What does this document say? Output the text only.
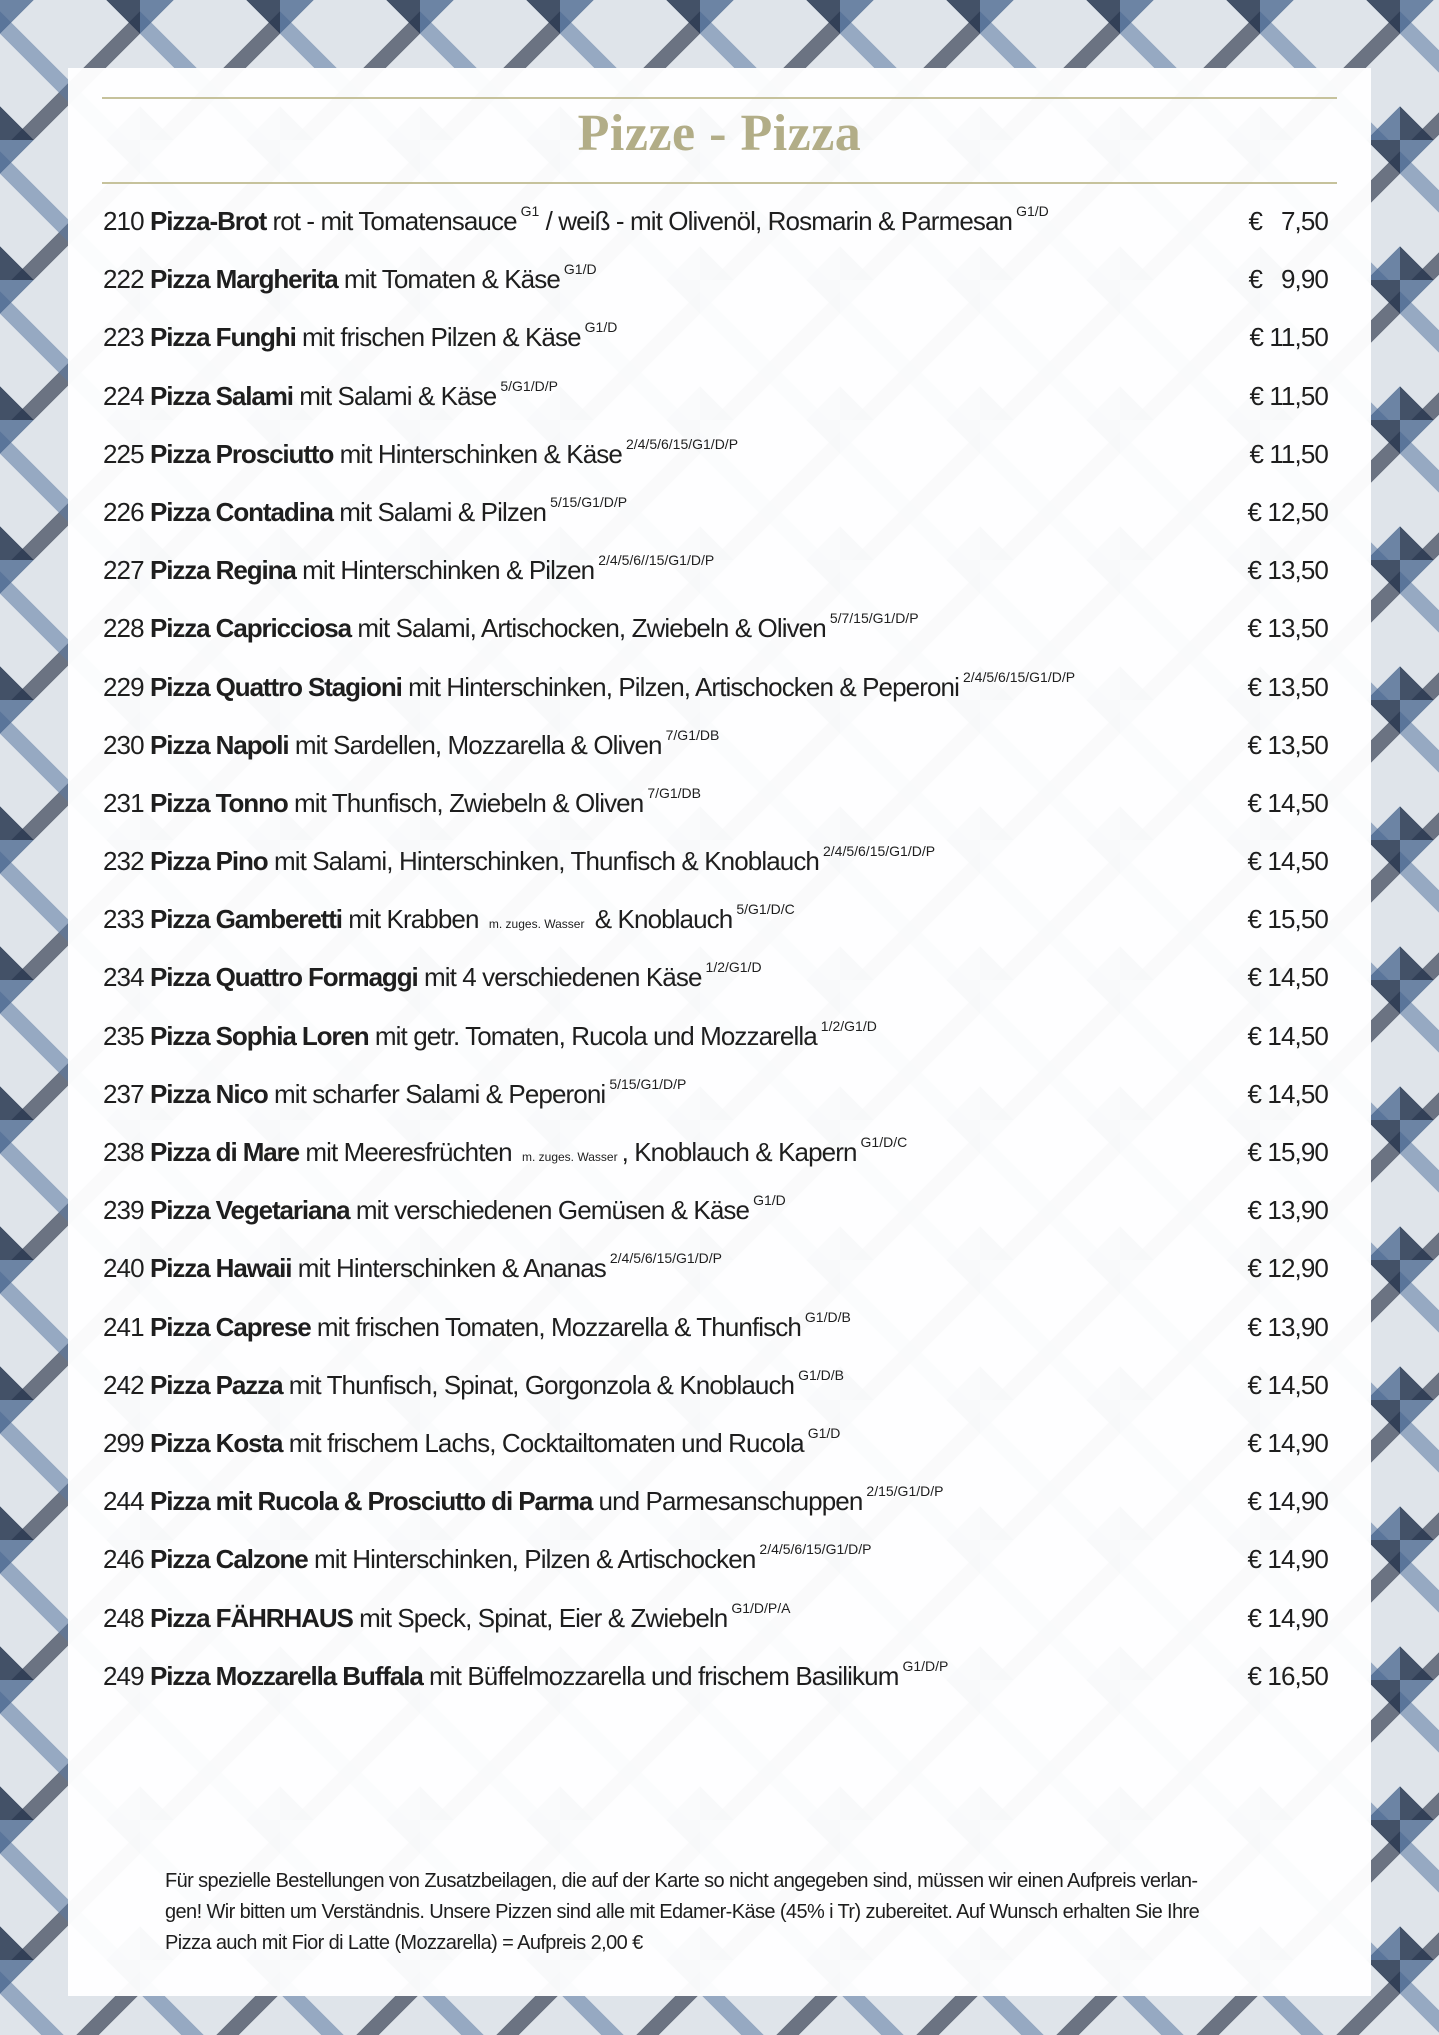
Pizze - Pizza
210 Pizza-Brot rot - mit Tomatensauce $^{G1}$ / weiß - mit Olivenöl, Rosmarin & Parmesan $^{G1/D}$	€   7,50
222 Pizza Margherita mit Tomaten & Käse $^{G1/D}$	€   9,90
223 Pizza Funghi mit frischen Pilzen & Käse $^{G1/D}$	€ 11,50
224 Pizza Salami mit Salami & Käse $^{5/G1/D/P}$	€ 11,50
225 Pizza Prosciutto mit Hinterschinken & Käse $^{2/4/5/6/15/G1/D/P}$	€ 11,50
226 Pizza Contadina mit Salami & Pilzen $^{5/15/G1/D/P}$	€ 12,50
227 Pizza Regina mit Hinterschinken & Pilzen $^{2/4/5/6//15/G1/D/P}$	€ 13,50
228 Pizza Capricciosa mit Salami, Artischocken, Zwiebeln & Oliven $^{5/7/15/G1/D/P}$	€ 13,50
229 Pizza Quattro Stagioni mit Hinterschinken, Pilzen, Artischocken & Peperoni $^{2/4/5/6/15/G1/D/P}$	€ 13,50
230 Pizza Napoli mit Sardellen, Mozzarella & Oliven $^{7/G1/DB}$	€ 13,50
231 Pizza Tonno mit Thunfisch, Zwiebeln & Oliven $^{7/G1/DB}$	€ 14,50
232 Pizza Pino mit Salami, Hinterschinken, Thunfisch & Knoblauch $^{2/4/5/6/15/G1/D/P}$	€ 14,50
233 Pizza Gamberetti mit Krabben m. zuges. Wasser & Knoblauch $^{5/G1/D/C}$	€ 15,50
234 Pizza Quattro Formaggi mit 4 verschiedenen Käse $^{1/2/G1/D}$	€ 14,50
235 Pizza Sophia Loren mit getr. Tomaten, Rucola und Mozzarella $^{1/2/G1/D}$	€ 14,50
237 Pizza Nico mit scharfer Salami & Peperoni $^{5/15/G1/D/P}$	€ 14,50
238 Pizza di Mare mit Meeresfrüchten m. zuges. Wasser , Knoblauch & Kapern $^{G1/D/C}$	€ 15,90
239 Pizza Vegetariana mit verschiedenen Gemüsen & Käse $^{G1/D}$	€ 13,90
240 Pizza Hawaii mit Hinterschinken & Ananas $^{2/4/5/6/15/G1/D/P}$	€ 12,90
241 Pizza Caprese mit frischen Tomaten, Mozzarella & Thunfisch $^{G1/D/B}$	€ 13,90
242 Pizza Pazza mit Thunfisch, Spinat, Gorgonzola & Knoblauch $^{G1/D/B}$	€ 14,50
299 Pizza Kosta mit frischem Lachs, Cocktailtomaten und Rucola $^{G1/D}$	€ 14,90
244 Pizza mit Rucola & Prosciutto di Parma und Parmesanschuppen $^{2/15/G1/D/P}$	€ 14,90
246 Pizza Calzone mit Hinterschinken, Pilzen & Artischocken $^{2/4/5/6/15/G1/D/P}$	€ 14,90
248 Pizza FÄHRHAUS mit Speck, Spinat, Eier & Zwiebeln $^{G1/D/P/A}$	€ 14,90
249 Pizza Mozzarella Buffala mit Büffelmozzarella und frischem Basilikum $^{G1/D/P}$	€ 16,50
Für spezielle Bestellungen von Zusatzbeilagen, die auf der Karte so nicht angegeben sind, müssen wir einen Aufpreis verlan-
gen! Wir bitten um Verständnis. Unsere Pizzen sind alle mit Edamer-Käse (45% i Tr) zubereitet. Auf Wunsch erhalten Sie Ihre
Pizza auch mit Fior di Latte (Mozzarella) = Aufpreis 2,00 €
